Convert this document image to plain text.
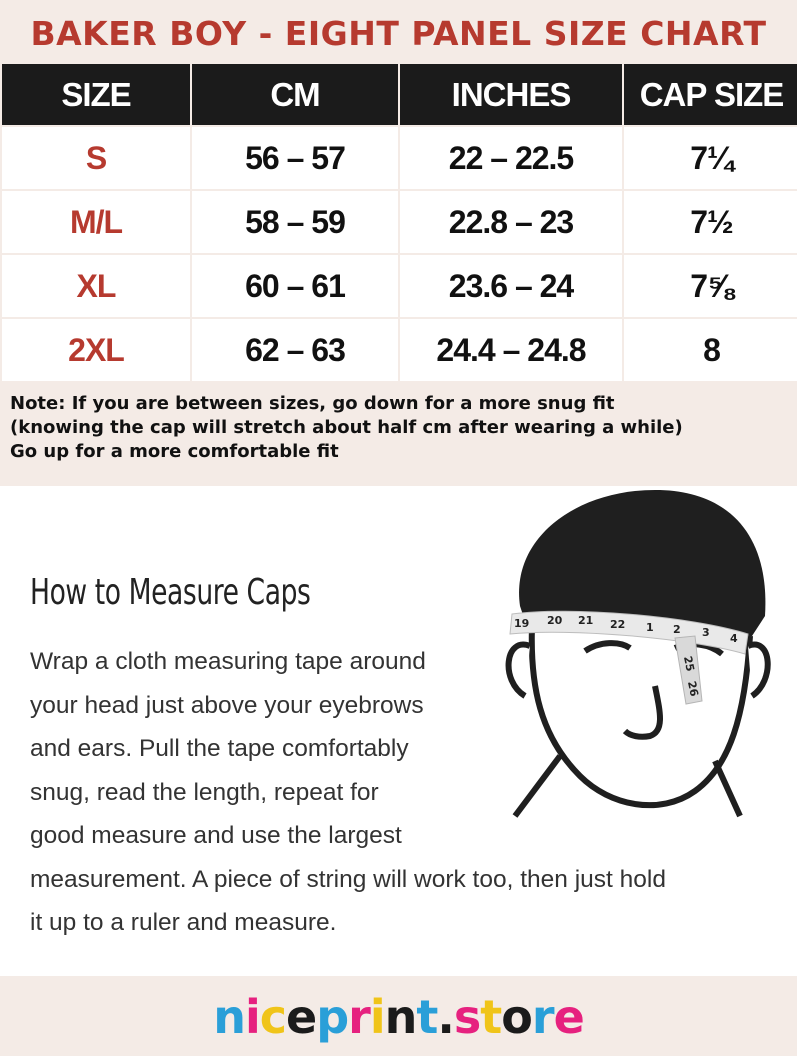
BAKER BOY - EIGHT PANEL SIZE CHART
SIZE	CM	INCHES	CAP SIZE
S	56 – 57	22 – 22.5	7¼
M/L	58 – 59	22.8 – 23	7½
XL	60 – 61	23.6 – 24	7⅝
2XL	62 – 63	24.4 – 24.8	8
Note: If you are between sizes, go down for a more snug fit
(knowing the cap will stretch about half cm after wearing a while)
Go up for a more comfortable fit
How to Measure Caps
Wrap a cloth measuring tape around
your head just above your eyebrows
and ears. Pull the tape comfortably
snug, read the length, repeat for
good measure and use the largest
measurement. A piece of string will work too, then just hold
it up to a ruler and measure.
19 20 21 22 1 2 3 4
25
26
niceprint.store
